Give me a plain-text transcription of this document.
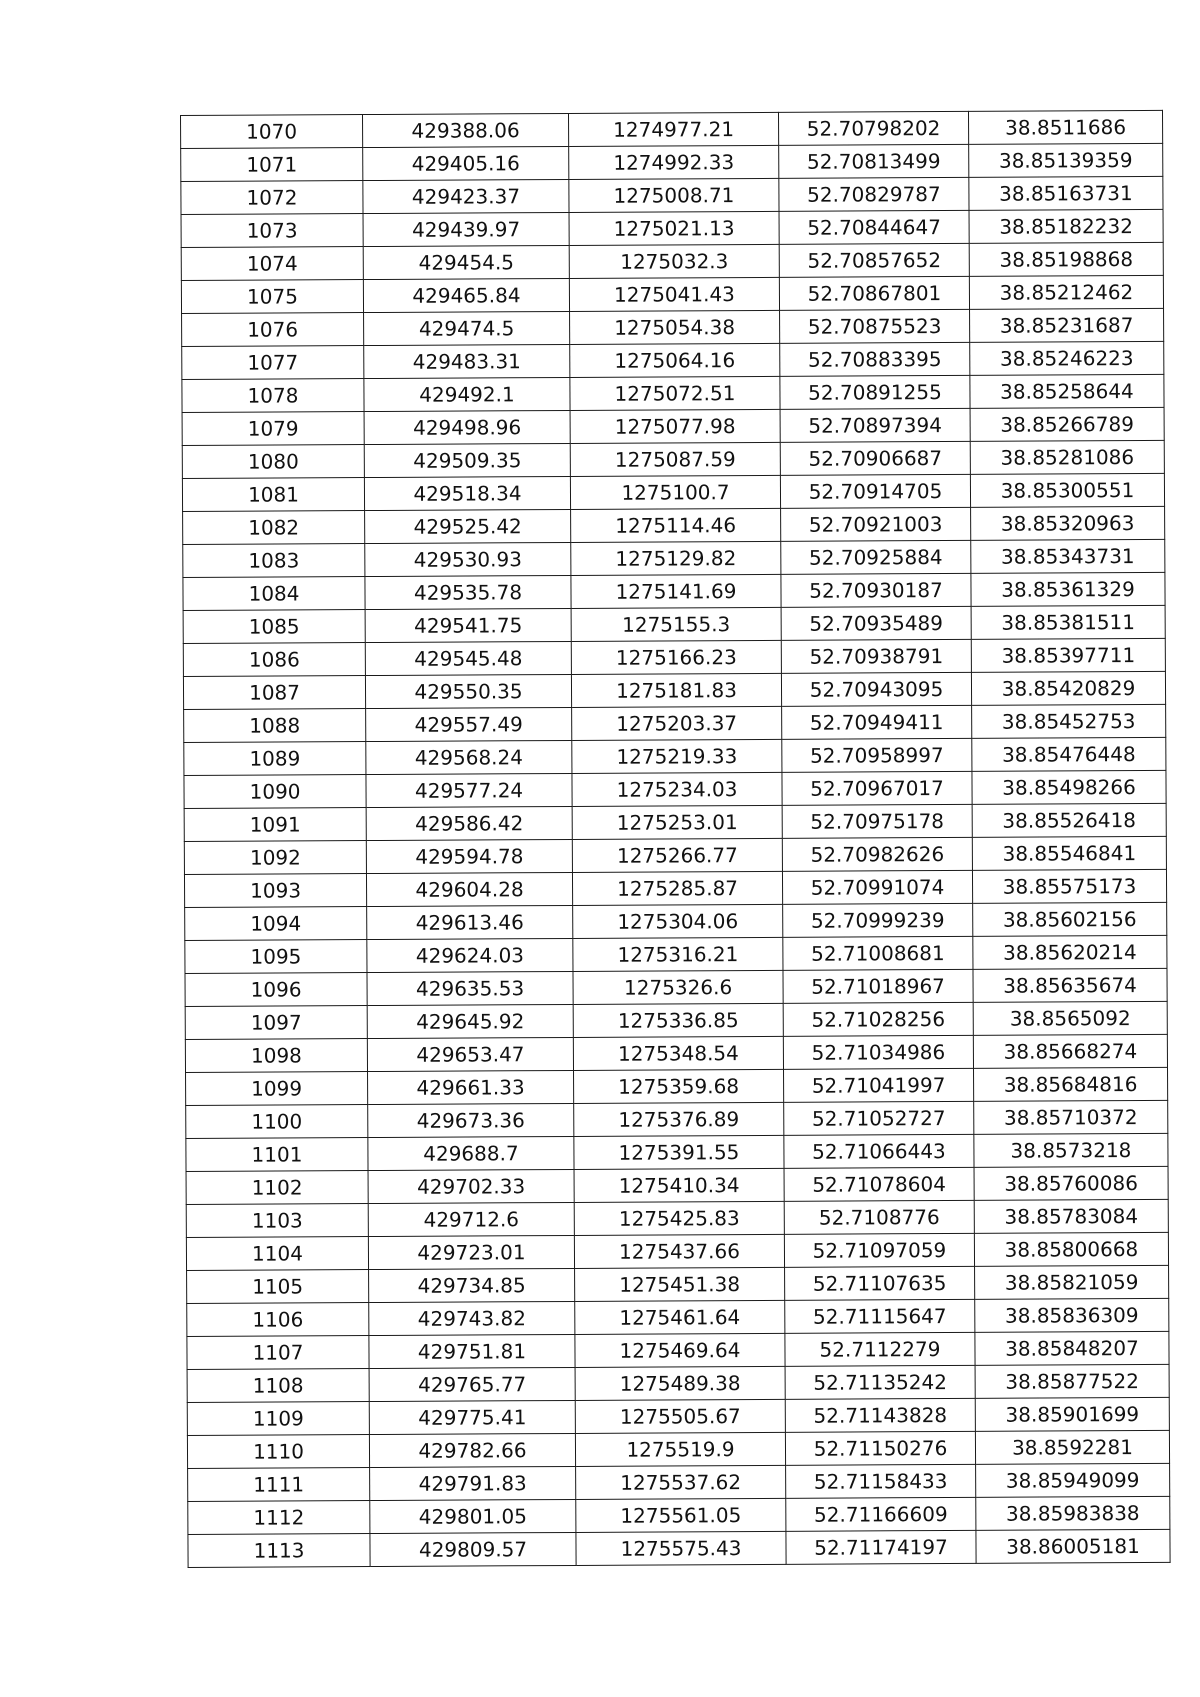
1070	429388.06	1274977.21	52.70798202	38.8511686
1071	429405.16	1274992.33	52.70813499	38.85139359
1072	429423.37	1275008.71	52.70829787	38.85163731
1073	429439.97	1275021.13	52.70844647	38.85182232
1074	429454.5	1275032.3	52.70857652	38.85198868
1075	429465.84	1275041.43	52.70867801	38.85212462
1076	429474.5	1275054.38	52.70875523	38.85231687
1077	429483.31	1275064.16	52.70883395	38.85246223
1078	429492.1	1275072.51	52.70891255	38.85258644
1079	429498.96	1275077.98	52.70897394	38.85266789
1080	429509.35	1275087.59	52.70906687	38.85281086
1081	429518.34	1275100.7	52.70914705	38.85300551
1082	429525.42	1275114.46	52.70921003	38.85320963
1083	429530.93	1275129.82	52.70925884	38.85343731
1084	429535.78	1275141.69	52.70930187	38.85361329
1085	429541.75	1275155.3	52.70935489	38.85381511
1086	429545.48	1275166.23	52.70938791	38.85397711
1087	429550.35	1275181.83	52.70943095	38.85420829
1088	429557.49	1275203.37	52.70949411	38.85452753
1089	429568.24	1275219.33	52.70958997	38.85476448
1090	429577.24	1275234.03	52.70967017	38.85498266
1091	429586.42	1275253.01	52.70975178	38.85526418
1092	429594.78	1275266.77	52.70982626	38.85546841
1093	429604.28	1275285.87	52.70991074	38.85575173
1094	429613.46	1275304.06	52.70999239	38.85602156
1095	429624.03	1275316.21	52.71008681	38.85620214
1096	429635.53	1275326.6	52.71018967	38.85635674
1097	429645.92	1275336.85	52.71028256	38.8565092
1098	429653.47	1275348.54	52.71034986	38.85668274
1099	429661.33	1275359.68	52.71041997	38.85684816
1100	429673.36	1275376.89	52.71052727	38.85710372
1101	429688.7	1275391.55	52.71066443	38.8573218
1102	429702.33	1275410.34	52.71078604	38.85760086
1103	429712.6	1275425.83	52.7108776	38.85783084
1104	429723.01	1275437.66	52.71097059	38.85800668
1105	429734.85	1275451.38	52.71107635	38.85821059
1106	429743.82	1275461.64	52.71115647	38.85836309
1107	429751.81	1275469.64	52.7112279	38.85848207
1108	429765.77	1275489.38	52.71135242	38.85877522
1109	429775.41	1275505.67	52.71143828	38.85901699
1110	429782.66	1275519.9	52.71150276	38.8592281
1111	429791.83	1275537.62	52.71158433	38.85949099
1112	429801.05	1275561.05	52.71166609	38.85983838
1113	429809.57	1275575.43	52.71174197	38.86005181
